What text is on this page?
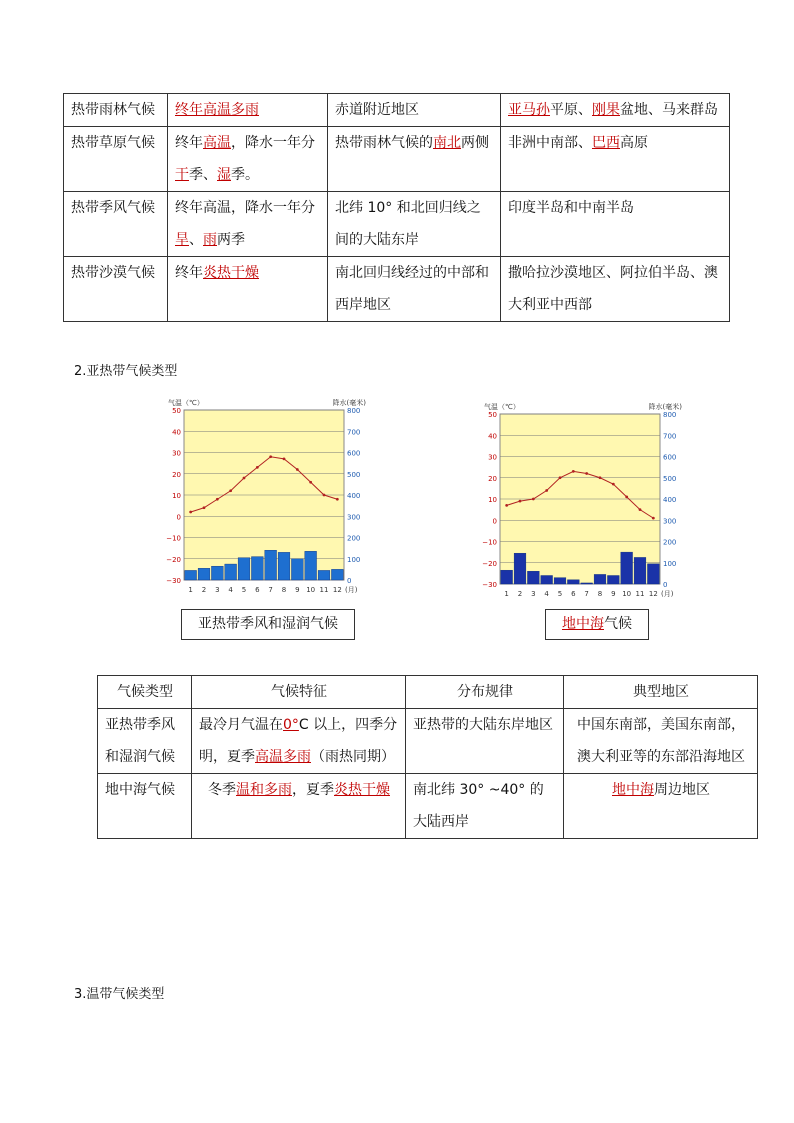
热带雨林气候	终年高温多雨	赤道附近地区	亚马孙平原、刚果盆地、马来群岛
热带草原气候	终年高温，降水一年分干季、湿季。	热带雨林气候的南北两侧	非洲中南部、巴西高原
热带季风气候	终年高温，降水一年分旱、雨两季	北纬 10° 和北回归线之间的大陆东岸	印度半岛和中南半岛
热带沙漠气候	终年炎热干燥	南北回归线经过的中部和西岸地区	撒哈拉沙漠地区、阿拉伯半岛、澳大利亚中西部
2.亚热带气候类型
气温（℃）	降水(毫米)
50
40
30
20
10
0
−10
−20
−30
800
700
600
500
400
300
200
100
0
1 2 3 4 5 6 7 8 9 10 11 12 (月)
气温（℃）	降水(毫米)
50
40
30
20
10
0
−10
−20
−30
800
700
600
500
400
300
200
100
0
1 2 3 4 5 6 7 8 9 10 11 12 (月)
亚热带季风和湿润气候	地中海气候
气候类型	气候特征	分布规律	典型地区
亚热带季风和湿润气候	最冷月气温在0°C 以上，四季分明，夏季高温多雨（雨热同期）	亚热带的大陆东岸地区	中国东南部，美国东南部，澳大利亚等的东部沿海地区
地中海气候	冬季温和多雨，夏季炎热干燥	南北纬 30° ~40° 的大陆西岸	地中海周边地区
3.温带气候类型
